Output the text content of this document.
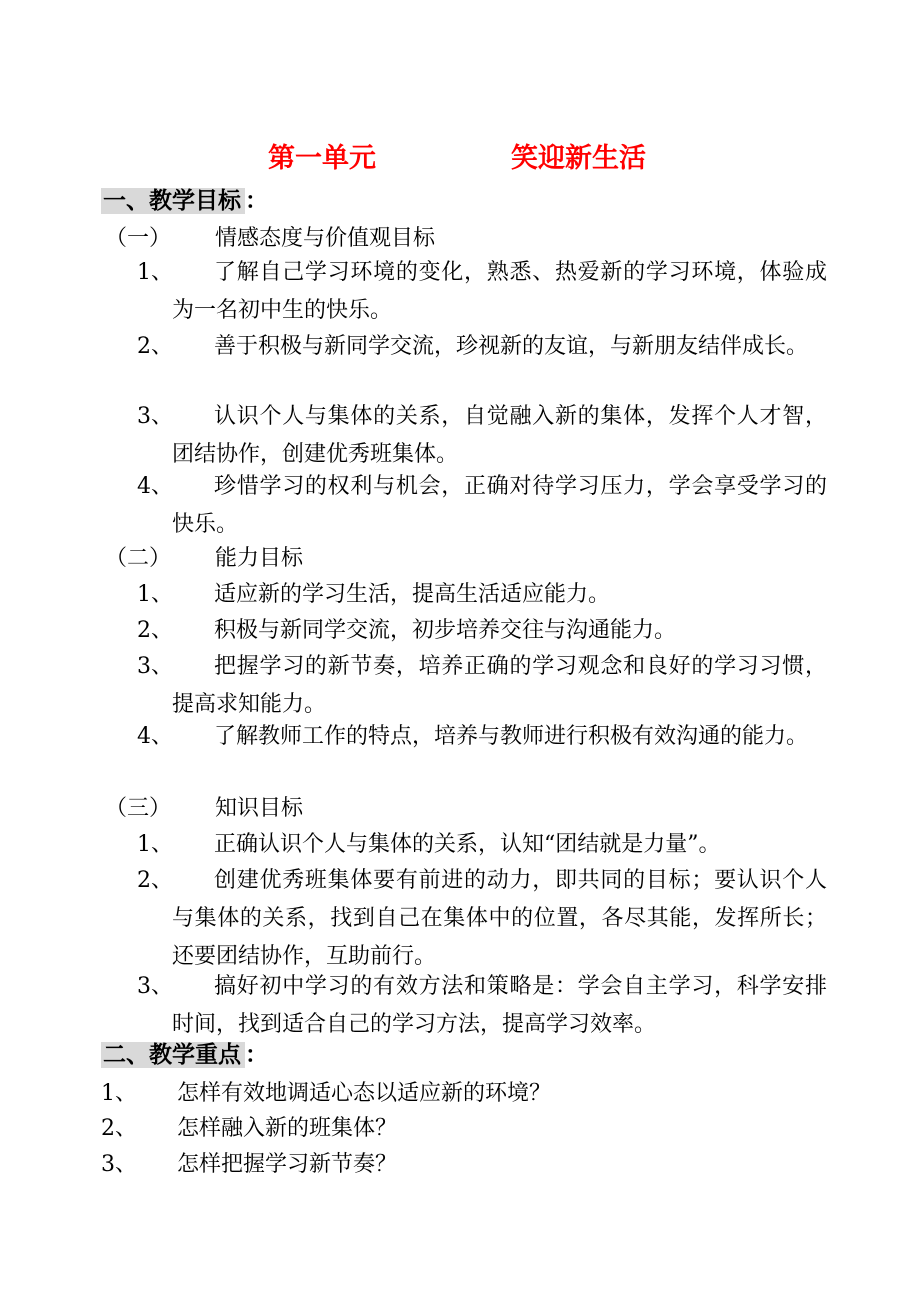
第一单元	笑迎新生活
一、教学目标 ：
（一） 情感态度与价值观目标
1、	了解自己学习环境的变化，熟悉、热爱新的学习环境，体验成为一名初中生的快乐。
2、	善于积极与新同学交流，珍视新的友谊，与新朋友结伴成长。
3、	认识个人与集体的关系，自觉融入新的集体，发挥个人才智，团结协作，创建优秀班集体。
4、	珍惜学习的权利与机会，正确对待学习压力，学会享受学习的快乐。
（二） 能力目标
1、	适应新的学习生活，提高生活适应能力。
2、	积极与新同学交流，初步培养交往与沟通能力。
3、	把握学习的新节奏，培养正确的学习观念和良好的学习习惯，提高求知能力。
4、	了解教师工作的特点，培养与教师进行积极有效沟通的能力。
（三） 知识目标
1、	正确认识个人与集体的关系，认知“团结就是力量”。
2、	创建优秀班集体要有前进的动力，即共同的目标；要认识个人与集体的关系，找到自己在集体中的位置，各尽其能，发挥所长；还要团结协作，互助前行。
3、	搞好初中学习的有效方法和策略是：学会自主学习，科学安排时间，找到适合自己的学习方法，提高学习效率。
二、教学重点 ：
1、 怎样有效地调适心态以适应新的环境？
2、 怎样融入新的班集体？
3、 怎样把握学习新节奏？
